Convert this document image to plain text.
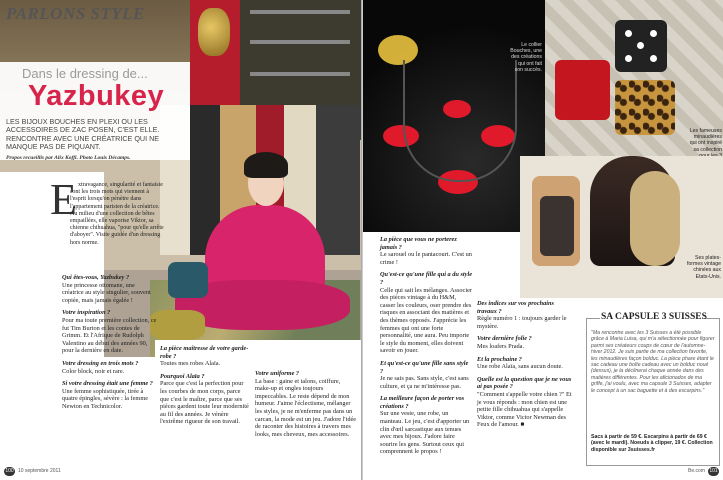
PARLONS STYLE
Dans le dressing de...
Yazbukey
LES BIJOUX BOUCHES EN PLEXI OU LES ACCESSOIRES DE ZAC POSEN, C'EST ELLE. RENCONTRE AVEC UNE CRÉATRICE QUI NE MANQUE PAS DE PIQUANT.
Propos recueillis par Alix Koffi. Photo Louis Décamps.
E xtravagance, singularité et fantaisie sont les trois mots qui viennent à l'esprit lorsqu'on pénètre dans l'appartement parisien de la créatrice. Au milieu d'une collection de bêtes empaillées, elle vaporise Viktor, sa chienne chihuahua, "pour qu'elle arrête d'aboyer". Visite guidée d'un dressing hors norme.
Qui êtes-vous, Yazbukey ?
Une princesse ottomane, une créatrice au style singulier, souvent copiée, mais jamais égalée !
Votre inspiration ?
Pour ma toute première collection, ce fut Tim Burton et les contes de Grimm. Et l'Afrique de Rudolph Valentino au début des années 90, pour la dernière en date.
Votre dressing en trois mots ?
Color block, noir et rare.
Si votre dressing était une femme ?
Une femme sophistiquée, tirée à quatre épingles, sévère : la femme Newton en Technicolor.
La pièce maîtresse de votre garde-robe ?
Toutes mes robes Alaïa.
Pourquoi Alaïa ?
Parce que c'est la perfection pour les courbes de mon corps, parce que c'est le maître, parce que ses pièces gardent toute leur modernité au fil des années. Je vénère l'extrême rigueur de son travail.
Votre uniforme ?
La base : gaine et talons, coiffure, make-up et ongles toujours impeccables. Le reste dépend de mon humeur. J'aime l'éclectisme, mélanger les styles, je ne m'enferme pas dans un carcan, la mode est un jeu. J'adore l'idée de raconter des histoires à travers mes looks, mes cheveux, mes accessoires.
100 10 septembre 2011
Le collier Bouches, une des créations qui ont fait son succès.
Les fameuses minaudières qui ont inspiré sa collection
Ses plates-formes vintage chinées aux Etats-Unis.
La pièce que vous ne porterez jamais ?
Le sarouel ou le pantacourt. C'est un crime !
Qu'est-ce qu'une fille qui a du style ?
Celle qui sait les mélanges. Associer des pièces vintage à du H&M, casser les couleurs, oser prendre des risques en associant des matières et des thèmes opposés. J'apprécie les femmes qui ont une forte personnalité, une aura. Peu importe le style du moment, elles doivent savoir en jouer.
Et qu'est-ce qu'une fille sans style ?
Je ne sais pas. Sans style, c'est sans culture, et ça ne m'intéresse pas.
La meilleure façon de porter vos créations ?
Sur une veste, une robe, un manteau. Le jeu, c'est d'apporter un clin d'œil sarcastique aux tenues avec mes bijoux. J'adore faire sourire les gens. Surtout ceux qui comprennent le propos !
Des indices sur vos prochains travaux ?
Règle numéro 1 : toujours garder le mystère.
Votre dernière folie ?
Mes loafers Prada.
Et la prochaine ?
Une robe Alaïa, sans aucun doute.
Quelle est la question que je ne vous ai pas posée ?
"Comment s'appelle votre chien ?" Et je vous réponds : mon chien est une petite fille chihuahua qui s'appelle Viktor, comme Victor Newman des Feux de l'amour. ■
SA CAPSULE 3 SUISSES
"Ma rencontre avec les 3 Suisses a été possible grâce à Maria Luisa, qui m'a sélectionnée pour figurer parmi ses créateurs coups de cœur de l'automne-hiver 2012. Je suis partie de ma collection favorite, les minaudières façon bolduc. La pièce phare étant le sac cadeau une boîte cadeau avec un bolduc noué (dessus), je la déclinerai chaque année dans des matières différentes. Pour les aficionados de ma griffe, j'ai voulu, avec ma capsule 3 Suisses, adapter le concept à un sac baguette et à des escarpins."
Sacs à partir de 59 €. Escarpins à partir de 69 € (avec le mardi). Noeuds à clipper, 19 €. Collection disponible sur 3suisses.fr
Be.com 101
